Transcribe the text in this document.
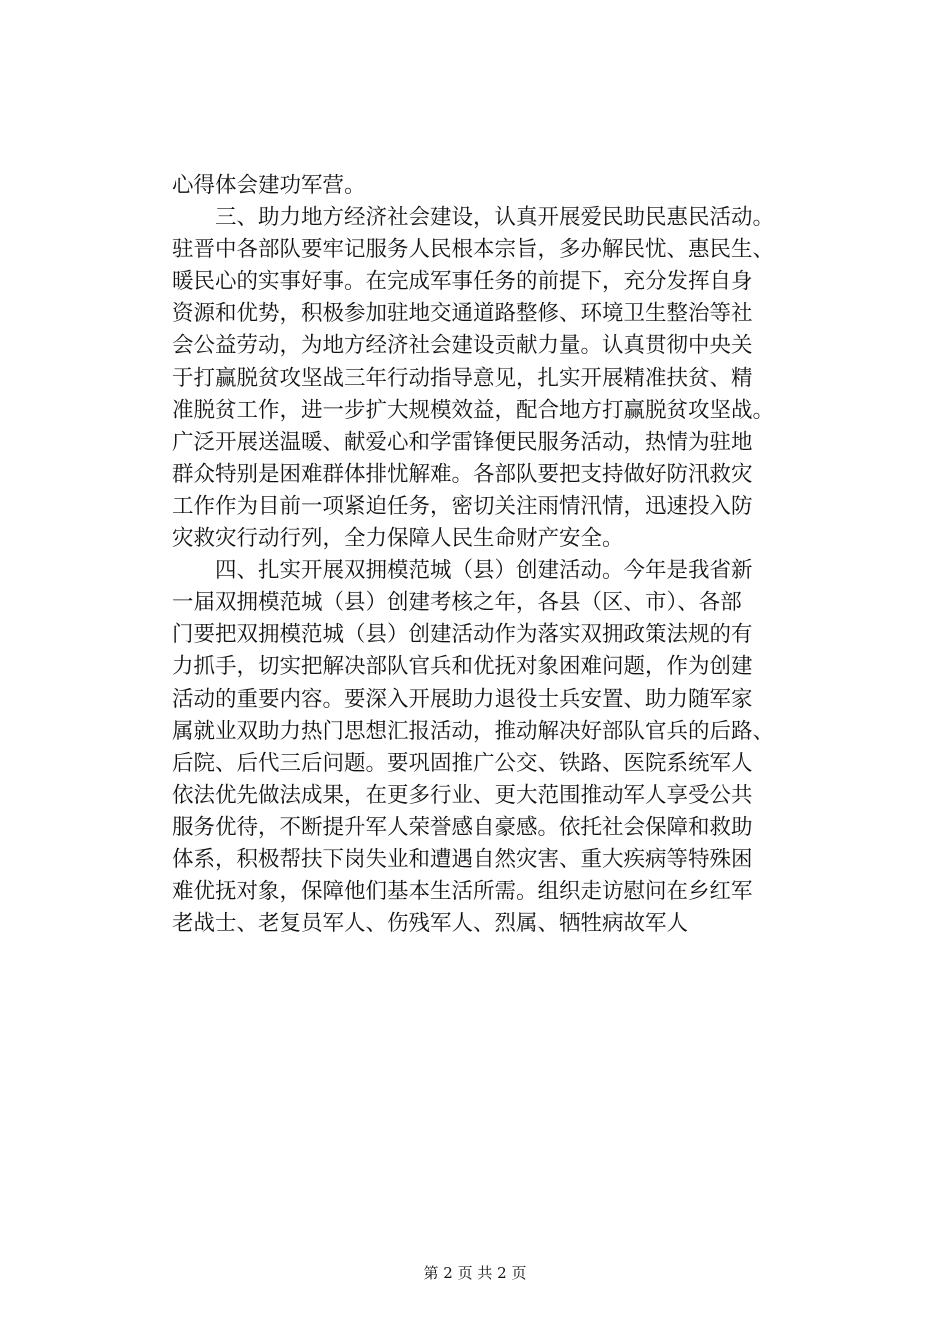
心得体会建功军营。
　　三、助力地方经济社会建设，认真开展爱民助民惠民活动。
驻晋中各部队要牢记服务人民根本宗旨，多办解民忧、惠民生、
暖民心的实事好事。在完成军事任务的前提下，充分发挥自身
资源和优势，积极参加驻地交通道路整修、环境卫生整治等社
会公益劳动，为地方经济社会建设贡献力量。认真贯彻中央关
于打赢脱贫攻坚战三年行动指导意见，扎实开展精准扶贫、精
准脱贫工作，进一步扩大规模效益，配合地方打赢脱贫攻坚战。
广泛开展送温暖、献爱心和学雷锋便民服务活动，热情为驻地
群众特别是困难群体排忧解难。各部队要把支持做好防汛救灾
工作作为目前一项紧迫任务，密切关注雨情汛情，迅速投入防
灾救灾行动行列，全力保障人民生命财产安全。
　　四、扎实开展双拥模范城（县）创建活动。今年是我省新
一届双拥模范城（县）创建考核之年，各县（区、市）、各部
门要把双拥模范城（县）创建活动作为落实双拥政策法规的有
力抓手，切实把解决部队官兵和优抚对象困难问题，作为创建
活动的重要内容。要深入开展助力退役士兵安置、助力随军家
属就业双助力热门思想汇报活动，推动解决好部队官兵的后路、
后院、后代三后问题。要巩固推广公交、铁路、医院系统军人
依法优先做法成果，在更多行业、更大范围推动军人享受公共
服务优待，不断提升军人荣誉感自豪感。依托社会保障和救助
体系，积极帮扶下岗失业和遭遇自然灾害、重大疾病等特殊困
难优抚对象，保障他们基本生活所需。组织走访慰问在乡红军
老战士、老复员军人、伤残军人、烈属、牺牲病故军人
第 2 页 共 2 页
